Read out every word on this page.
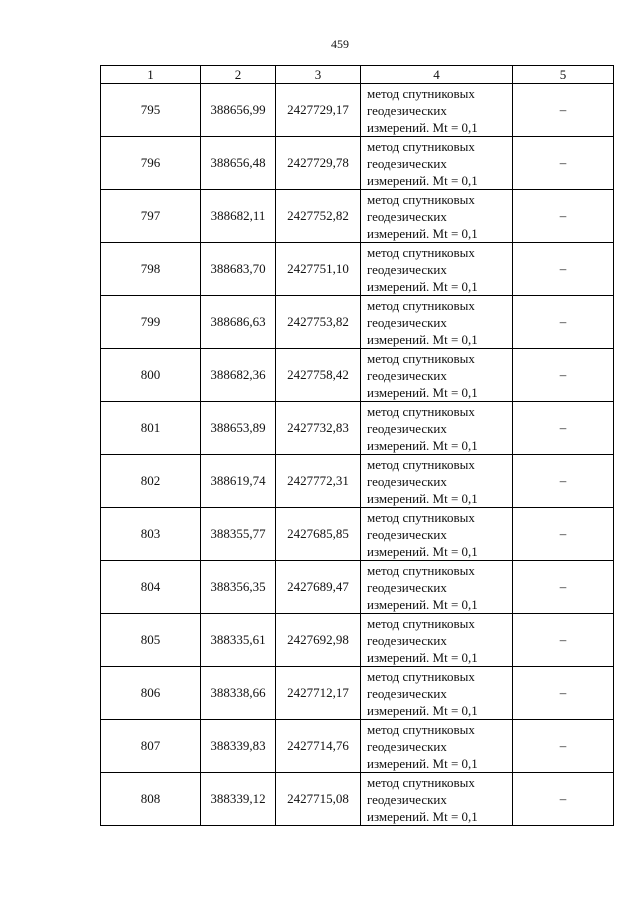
459
1	2	3	4	5
795	388656,99	2427729,17	метод спутниковых
геодезических
измерений. Mt = 0,1	–
796	388656,48	2427729,78	метод спутниковых
геодезических
измерений. Mt = 0,1	–
797	388682,11	2427752,82	метод спутниковых
геодезических
измерений. Mt = 0,1	–
798	388683,70	2427751,10	метод спутниковых
геодезических
измерений. Mt = 0,1	–
799	388686,63	2427753,82	метод спутниковых
геодезических
измерений. Mt = 0,1	–
800	388682,36	2427758,42	метод спутниковых
геодезических
измерений. Mt = 0,1	–
801	388653,89	2427732,83	метод спутниковых
геодезических
измерений. Mt = 0,1	–
802	388619,74	2427772,31	метод спутниковых
геодезических
измерений. Mt = 0,1	–
803	388355,77	2427685,85	метод спутниковых
геодезических
измерений. Mt = 0,1	–
804	388356,35	2427689,47	метод спутниковых
геодезических
измерений. Mt = 0,1	–
805	388335,61	2427692,98	метод спутниковых
геодезических
измерений. Mt = 0,1	–
806	388338,66	2427712,17	метод спутниковых
геодезических
измерений. Mt = 0,1	–
807	388339,83	2427714,76	метод спутниковых
геодезических
измерений. Mt = 0,1	–
808	388339,12	2427715,08	метод спутниковых
геодезических
измерений. Mt = 0,1	–
